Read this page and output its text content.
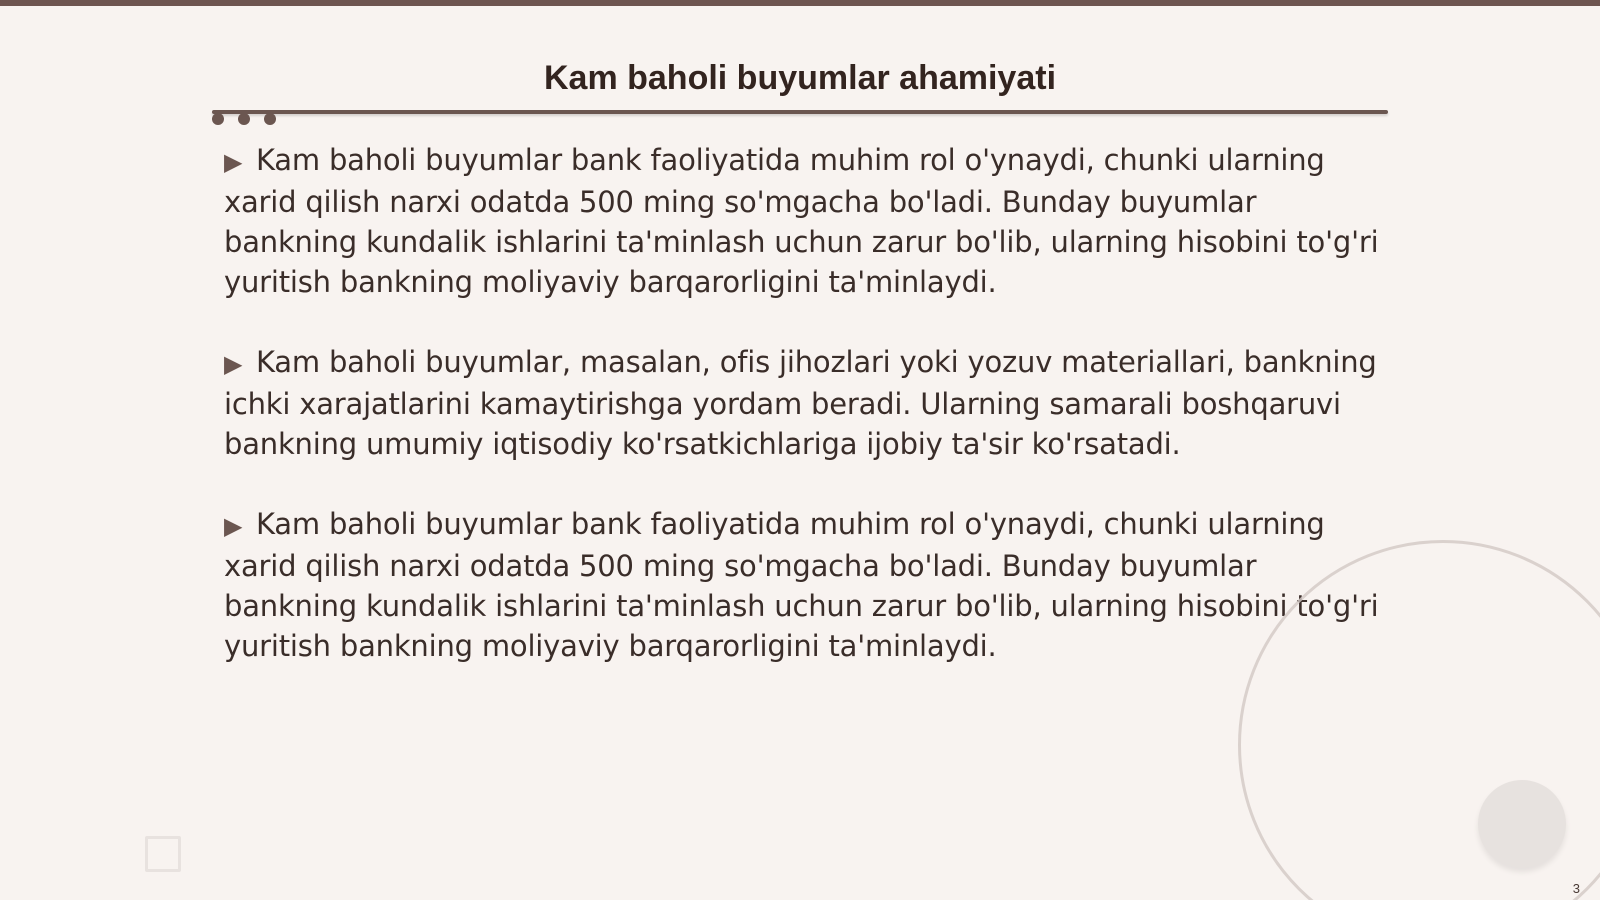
Kam baholi buyumlar ahamiyati

▶ Kam baholi buyumlar bank faoliyatida muhim rol o'ynaydi, chunki ularning xarid qilish narxi odatda 500 ming so'mgacha bo'ladi. Bunday buyumlar bankning kundalik ishlarini ta'minlash uchun zarur bo'lib, ularning hisobini to'g'ri yuritish bankning moliyaviy barqarorligini ta'minlaydi.

▶ Kam baholi buyumlar, masalan, ofis jihozlari yoki yozuv materiallari, bankning ichki xarajatlarini kamaytirishga yordam beradi. Ularning samarali boshqaruvi bankning umumiy iqtisodiy ko'rsatkichlariga ijobiy ta'sir ko'rsatadi.

▶ Kam baholi buyumlar bank faoliyatida muhim rol o'ynaydi, chunki ularning xarid qilish narxi odatda 500 ming so'mgacha bo'ladi. Bunday buyumlar bankning kundalik ishlarini ta'minlash uchun zarur bo'lib, ularning hisobini to'g'ri yuritish bankning moliyaviy barqarorligini ta'minlaydi.

3
